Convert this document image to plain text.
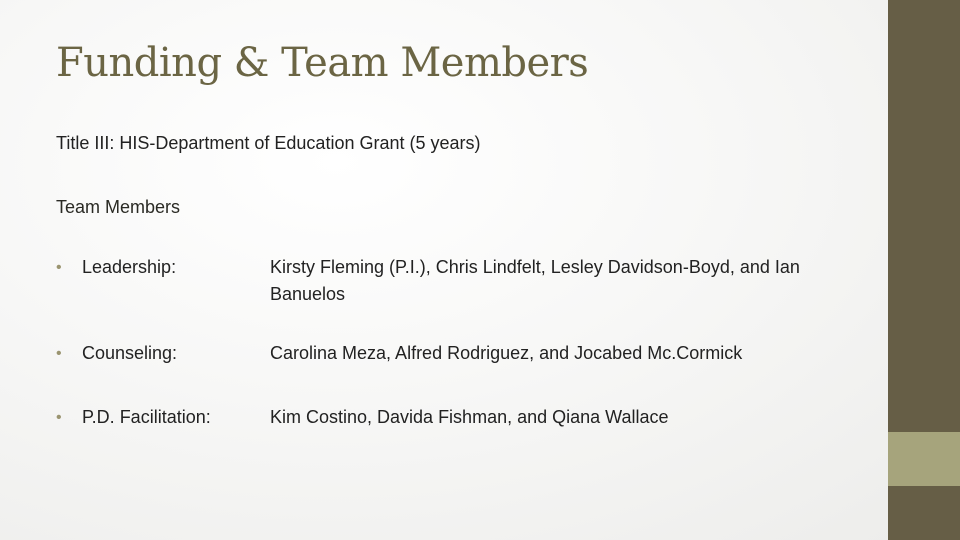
Funding & Team Members
Title III: HIS-Department of Education Grant (5 years)
Team Members
• Leadership:	Kirsty Fleming (P.I.), Chris Lindfelt, Lesley Davidson-Boyd, and Ian Banuelos
• Counseling:	Carolina Meza, Alfred Rodriguez, and Jocabed Mc.Cormick
• P.D. Facilitation:	Kim Costino, Davida Fishman, and Qiana Wallace
